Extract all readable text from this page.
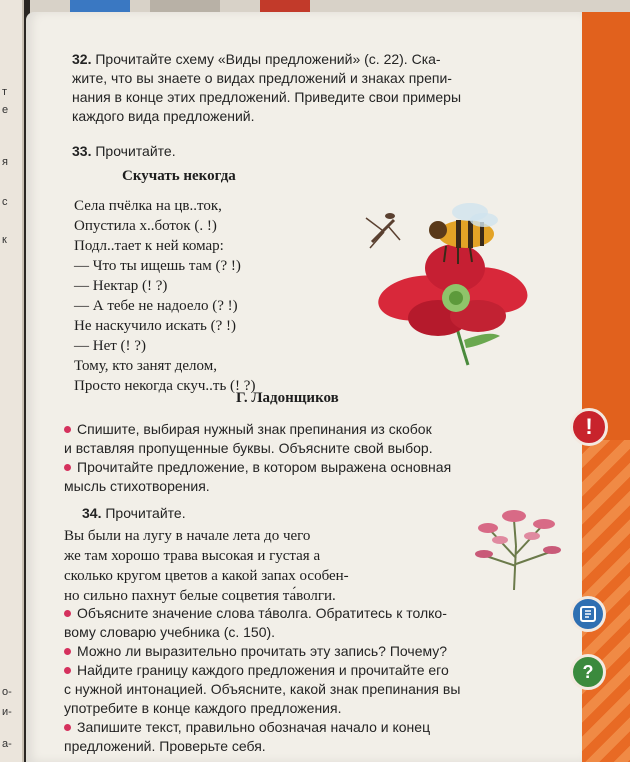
т
е
я
с
к
о-
и-
а-
32. Прочитайте схему «Виды предложений» (с. 22). Ска-
жите, что вы знаете о видах предложений и знаках препи-
нания в конце этих предложений. Приведите свои примеры
каждого вида предложений.
33. Прочитайте.
Скучать некогда
Села пчёлка на цв..ток,
Опустила х..боток (. !)
Подл..тает к ней комар:
— Что ты ищешь там (? !)
— Нектар (! ?)
— А тебе не надоело (? !)
Не наскучило искать (? !)
— Нет (! ?)
Тому, кто занят делом,
Просто некогда скуч..ть (! ?)
Г. Ладонщиков
Спишите, выбирая нужный знак препинания из скобок
и вставляя пропущенные буквы. Объясните свой выбор.
Прочитайте предложение, в котором выражена основная
мысль стихотворения.
!
34. Прочитайте.
Вы были на лугу в начале лета до чего
же там хорошо трава высокая и густая а
сколько кругом цветов а какой запах особен-
но сильно пахнут белые соцветия та́волги.
Объясните значение слова та́волга. Обратитесь к толко-
вому словарю учебника (с. 150).
Можно ли выразительно прочитать эту запись? Почему?
Найдите границу каждого предложения и прочитайте его
с нужной интонацией. Объясните, какой знак препинания вы
употребите в конце каждого предложения.
Запишите текст, правильно обозначая начало и конец
предложений. Проверьте себя.
?
